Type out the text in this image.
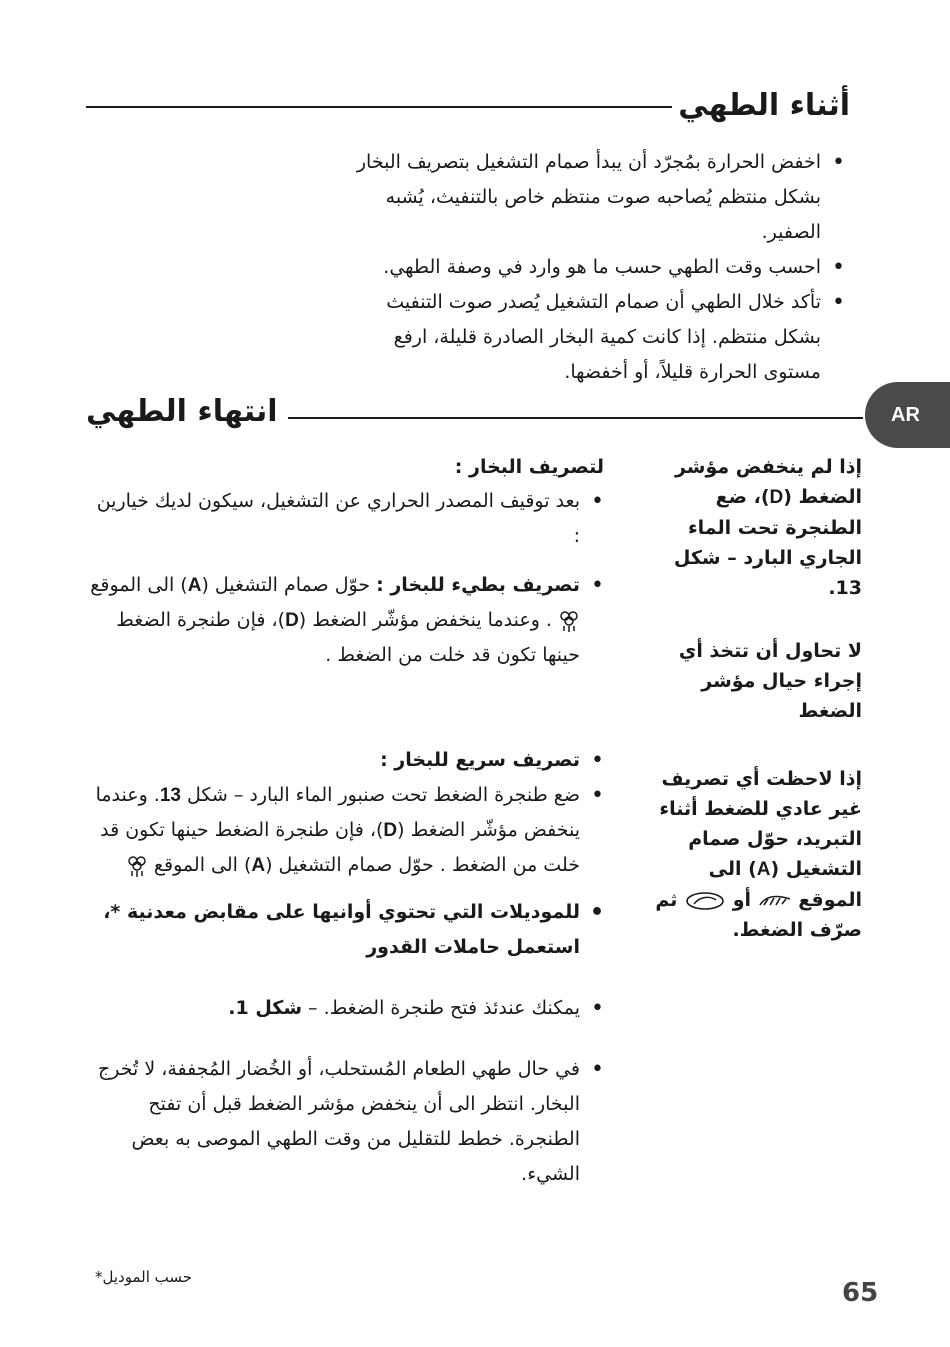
أثناء الطهي
• اخفض الحرارة بمُجرّد أن يبدأ صمام التشغيل بتصريف البخار بشكل منتظم يُصاحبه صوت منتظم خاص بالتنفيث، يُشبه الصفير.
• احسب وقت الطهي حسب ما هو وارد في وصفة الطهي.
• تأكد خلال الطهي أن صمام التشغيل يُصدر صوت التنفيث بشكل منتظم. إذا كانت كمية البخار الصادرة قليلة، ارفع مستوى الحرارة قليلاً، أو أخفضها.
انتهاء الطهي	AR
إذا لم ينخفض مؤشر الضغط (D)، ضع الطنجرة تحت الماء الجاري البارد – شكل 13.
لا تحاول أن تتخذ أي إجراء حيال مؤشر الضغط
إذا لاحظت أي تصريف غير عادي للضغط أثناء التبريد، حوّل صمام التشغيل (A) الى الموقع  أو  ثم صرّف الضغط.
لتصريف البخار :
• بعد توقيف المصدر الحراري عن التشغيل، سيكون لديك خيارين :
• تصريف بطيء للبخار : حوّل صمام التشغيل (A) الى الموقع  . وعندما ينخفض مؤشّر الضغط (D)، فإن طنجرة الضغط حينها تكون قد خلت من الضغط .
• تصريف سريع للبخار :
• ضع طنجرة الضغط تحت صنبور الماء البارد – شكل 13. وعندما ينخفض مؤشّر الضغط (D)، فإن طنجرة الضغط حينها تكون قد خلت من الضغط . حوّل صمام التشغيل (A) الى الموقع
• للموديلات التي تحتوي أوانيها على مقابض معدنية *، استعمل حاملات القدور
• يمكنك عندئذ فتح طنجرة الضغط. – شكل 1.
• في حال طهي الطعام المُستحلب، أو الخُضار المُجففة، لا تُخرج البخار. انتظر الى أن ينخفض مؤشر الضغط قبل أن تفتح الطنجرة. خطط للتقليل من وقت الطهي الموصى به بعض الشيء.
حسب الموديل*
65
